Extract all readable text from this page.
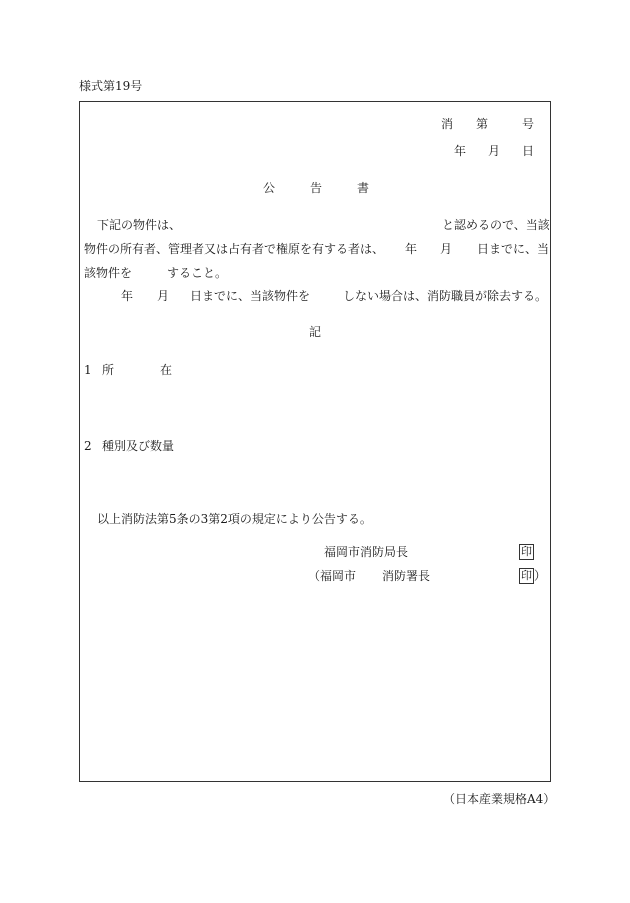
様式第19号
消 第	号
年 月 日
公	告	書
下記の物件は、	と認めるので、当該
物件の所有者、管理者又は占有者で権原を有する者は、 年 月 日までに、当
該物件を	すること。
年 月 日までに、当該物件を	しない場合は、消防職員が除去する。
記
1 所	在
2 種別及び数量
以上消防法第5条の3第2項の規定により公告する。
福岡市消防局長	印
（福岡市 消防署長	印 ）
（日本産業規格A4）
